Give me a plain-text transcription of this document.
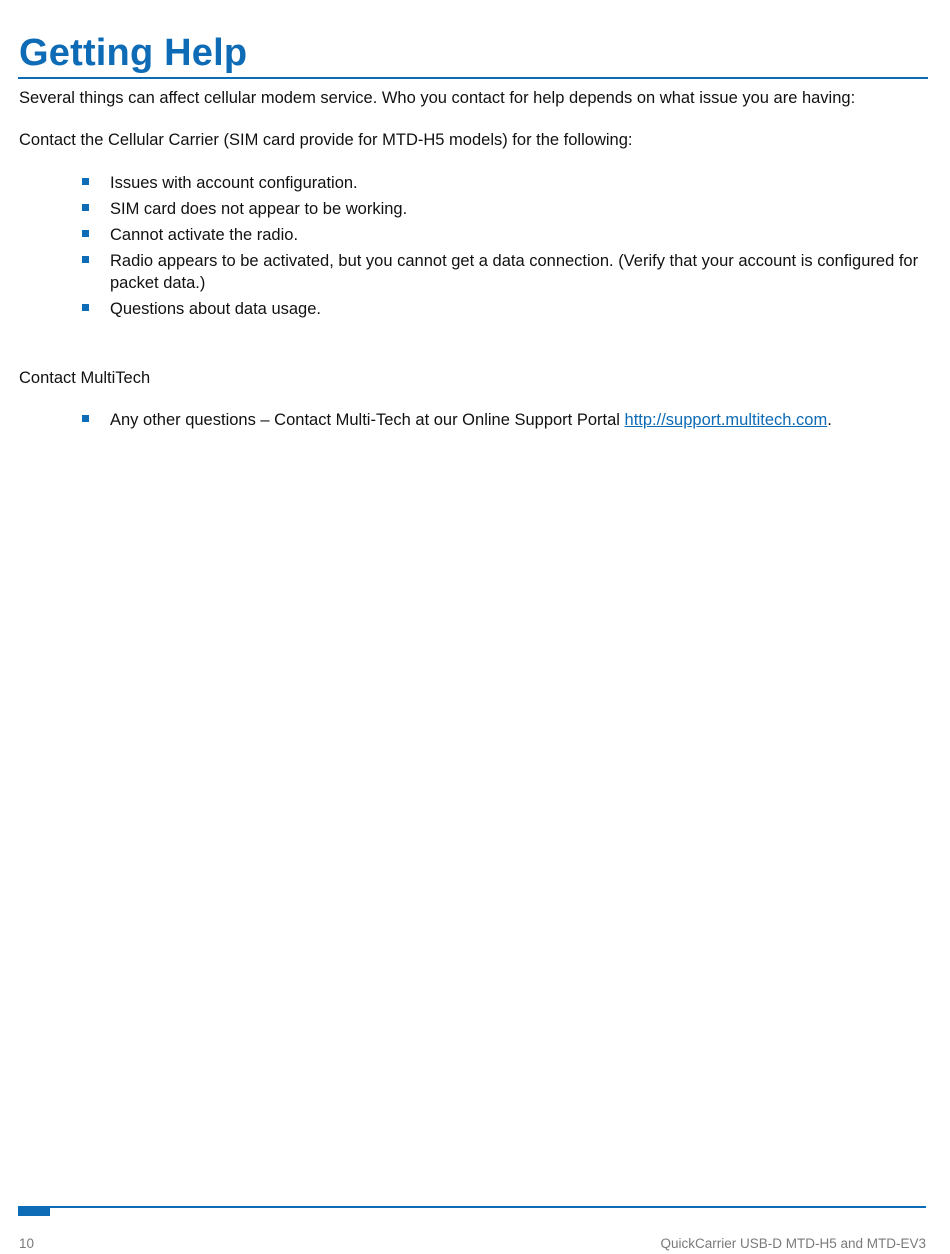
Getting Help

Several things can affect cellular modem service. Who you contact for help depends on what issue you are having:

Contact the Cellular Carrier (SIM card provide for MTD-H5 models) for the following:

Issues with account configuration.
SIM card does not appear to be working.
Cannot activate the radio.
Radio appears to be activated, but you cannot get a data connection. (Verify that your account is configured for packet data.)
Questions about data usage.

Contact MultiTech

Any other questions – Contact Multi-Tech at our Online Support Portal http://support.multitech.com.
10	QuickCarrier USB-D MTD-H5 and MTD-EV3
